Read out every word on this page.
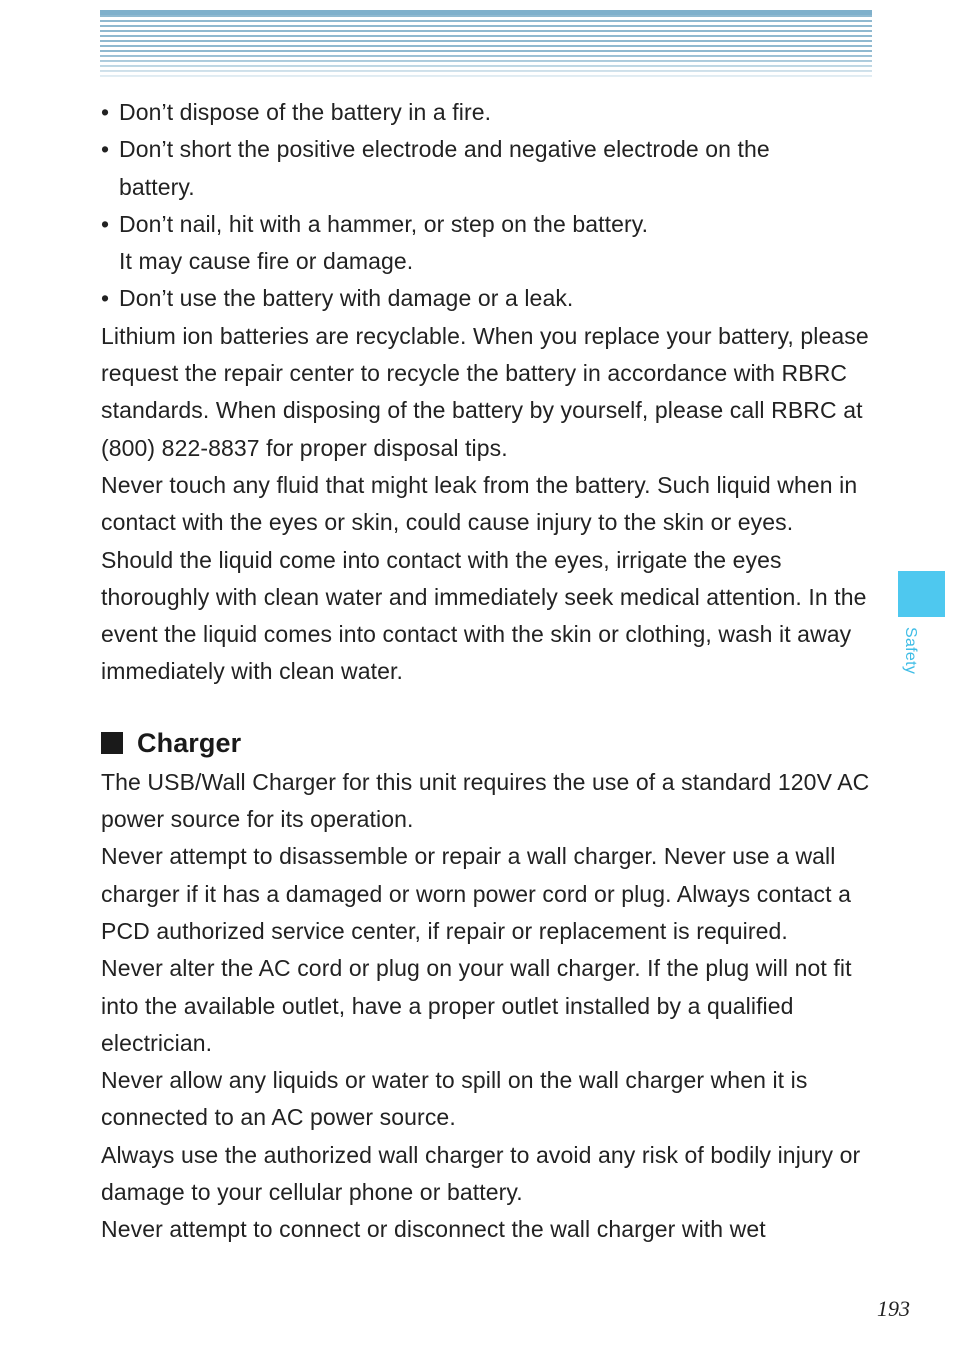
• Don’t dispose of the battery in a fire.
• Don’t short the positive electrode and negative electrode on the

battery.

• Don’t nail, hit with a hammer, or step on the battery.

It may cause fire or damage.

• Don’t use the battery with damage or a leak.

Lithium ion batteries are recyclable. When you replace your battery, please request the repair center to recycle the battery in accordance with RBRC standards. When disposing of the battery by yourself, please call RBRC at (800) 822-8837 for proper disposal tips.

Never touch any fluid that might leak from the battery. Such liquid when in contact with the eyes or skin, could cause injury to the skin or eyes. Should the liquid come into contact with the eyes, irrigate the eyes thoroughly with clean water and immediately seek medical attention. In the event the liquid comes into contact with the skin or clothing, wash it away immediately with clean water.

Charger

The USB/Wall Charger for this unit requires the use of a standard 120V AC power source for its operation.

Never attempt to disassemble or repair a wall charger. Never use a wall charger if it has a damaged or worn power cord or plug. Always contact a PCD authorized service center, if repair or replacement is required.

Never alter the AC cord or plug on your wall charger. If the plug will not fit into the available outlet, have a proper outlet installed by a qualified electrician.

Never allow any liquids or water to spill on the wall charger when it is connected to an AC power source.

Always use the authorized wall charger to avoid any risk of bodily injury or damage to your cellular phone or battery.

Never attempt to connect or disconnect the wall charger with wet

Safety
193
